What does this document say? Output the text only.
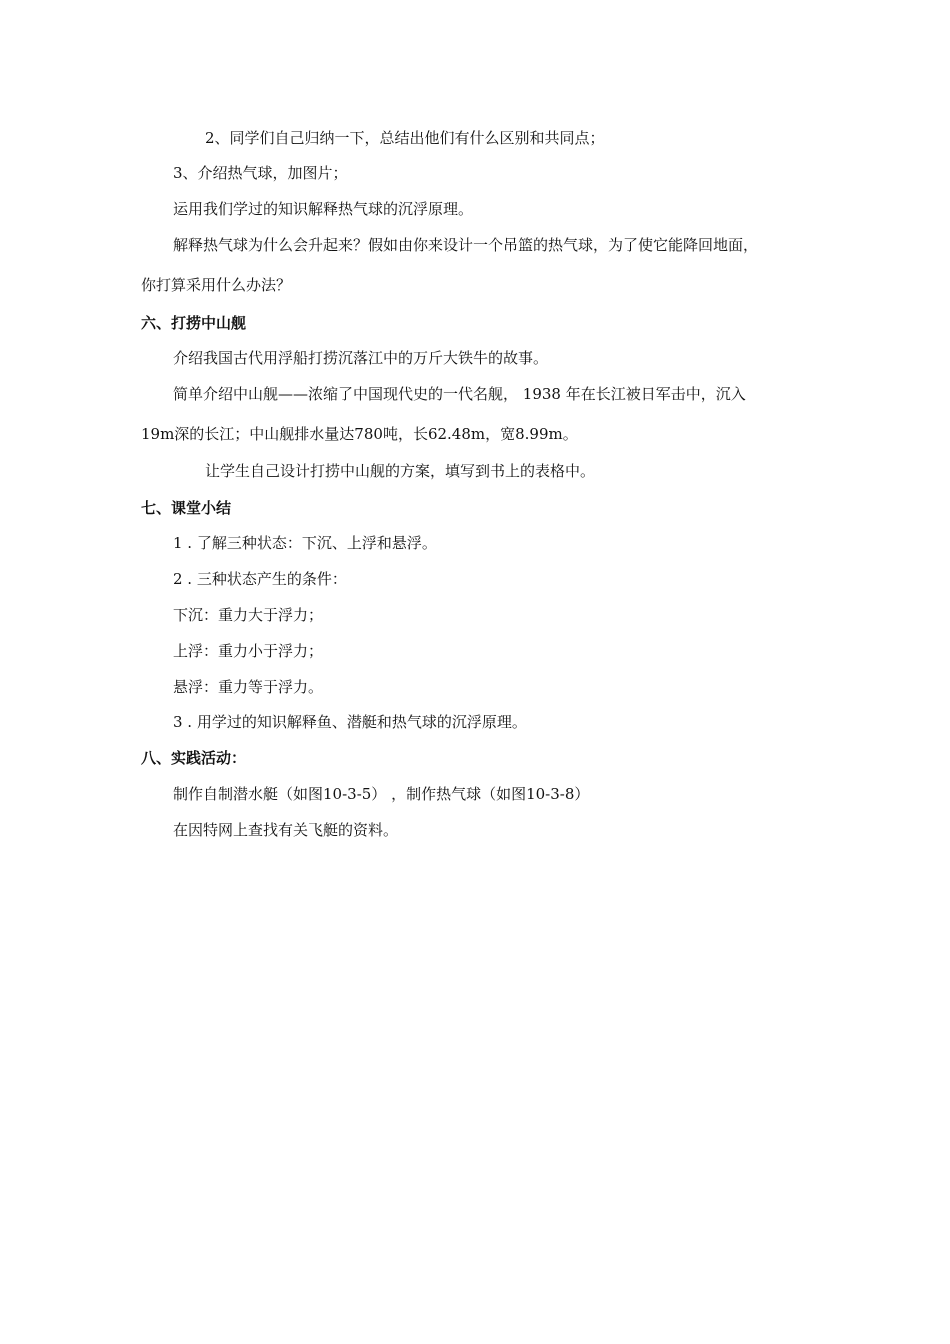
2、同学们自己归纳一下，总结出他们有什么区别和共同点；

3、介绍热气球，加图片；

运用我们学过的知识解释热气球的沉浮原理。

解释热气球为什么会升起来？假如由你来设计一个吊篮的热气球，为了使它能降回地面，

你打算采用什么办法？

六、打捞中山舰

介绍我国古代用浮船打捞沉落江中的万斤大铁牛的故事。

简单介绍中山舰——浓缩了中国现代史的一代名舰， 1938 年在长江被日军击中，沉入

19m深的长江；中山舰排水量达780吨，长62.48m，宽8.99m。

让学生自己设计打捞中山舰的方案，填写到书上的表格中。

七、课堂小结

1 . 了解三种状态：下沉、上浮和悬浮。

2 . 三种状态产生的条件：

下沉：重力大于浮力；

上浮：重力小于浮力；

悬浮：重力等于浮力。

3 . 用学过的知识解释鱼、潜艇和热气球的沉浮原理。

八、实践活动：

制作自制潜水艇（如图10-3-5） ，制作热气球（如图10-3-8）

在因特网上查找有关飞艇的资料。
